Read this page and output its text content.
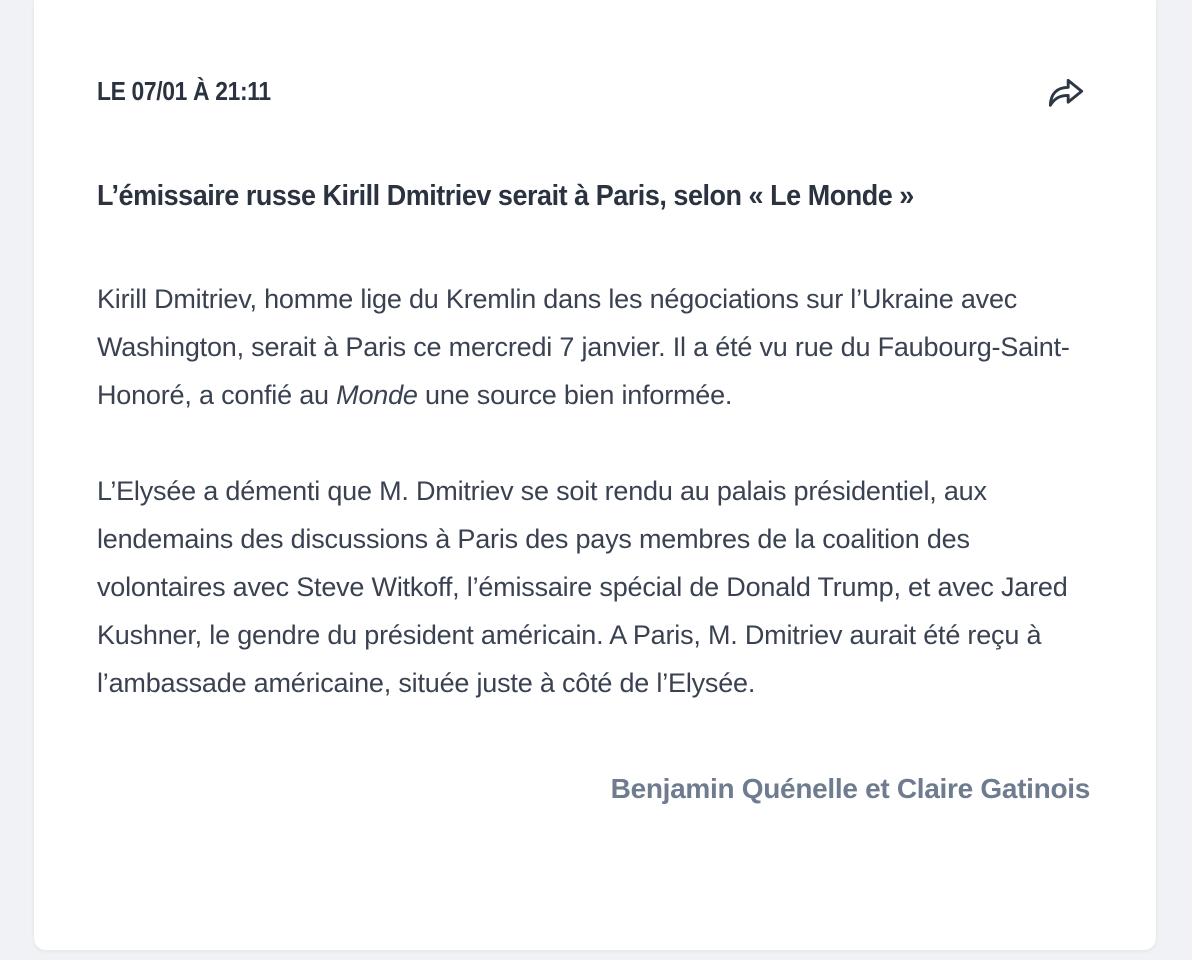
LE 07/01 À 21:11
L’émissaire russe Kirill Dmitriev serait à Paris, selon « Le Monde »

Kirill Dmitriev, homme lige du Kremlin dans les négociations sur l’Ukraine avec Washington, serait à Paris ce mercredi 7 janvier. Il a été vu rue du Faubourg-Saint-Honoré, a confié au Monde une source bien informée.

L’Elysée a démenti que M. Dmitriev se soit rendu au palais présidentiel, aux lendemains des discussions à Paris des pays membres de la coalition des volontaires avec Steve Witkoff, l’émissaire spécial de Donald Trump, et avec Jared Kushner, le gendre du président américain. A Paris, M. Dmitriev aurait été reçu à l’ambassade américaine, située juste à côté de l’Elysée.

Benjamin Quénelle et Claire Gatinois
